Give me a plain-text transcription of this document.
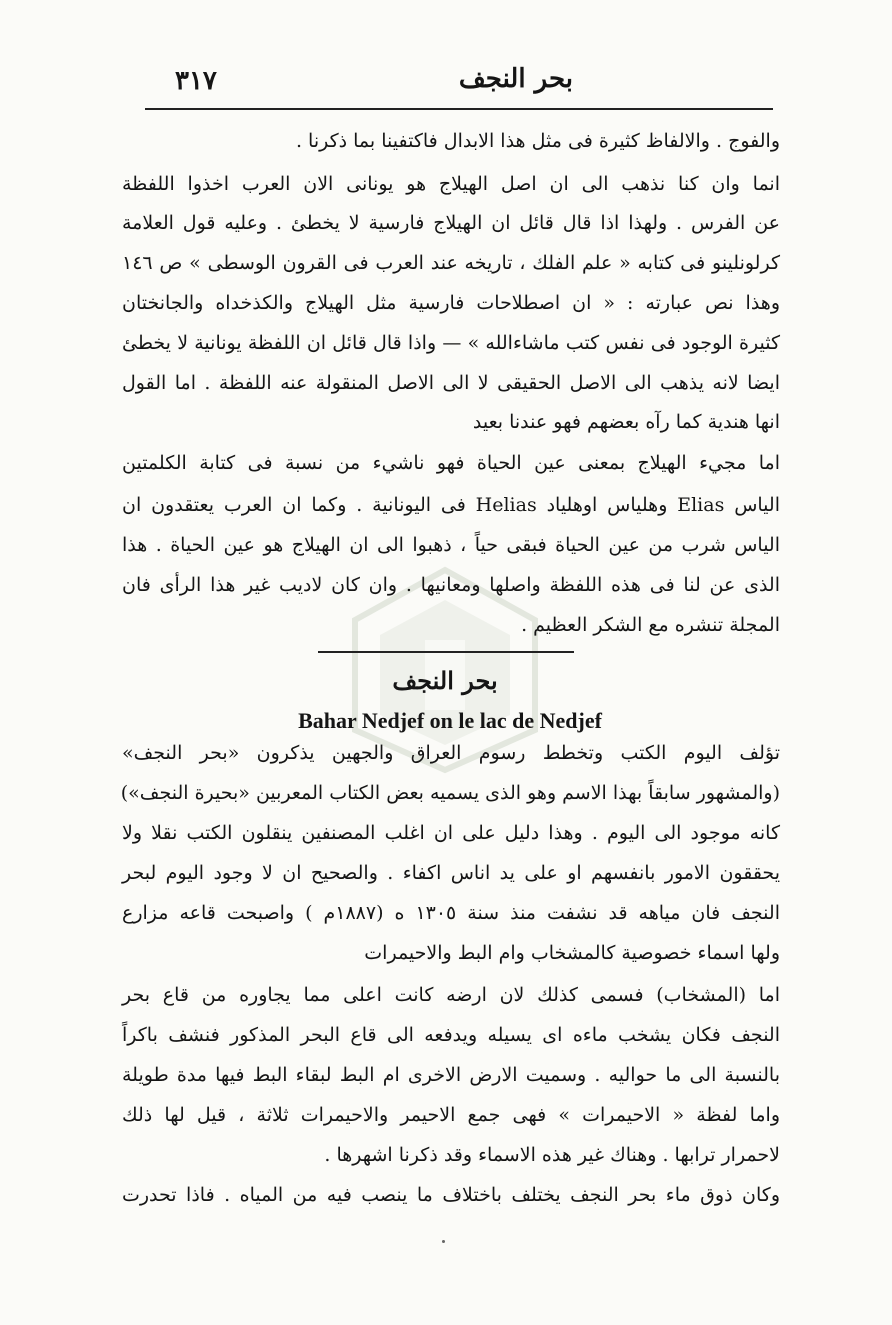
٣١٧	بحر النجف
والفوج . والالفاظ كثيرة فى مثل هذا الابدال فاكتفينا بما ذكرنا .
انما وان كنا نذهب الى ان اصل الهيلاج هو يونانى الان العرب اخذوا اللفظة
عن الفرس . ولهذا اذا قال قائل ان الهيلاج فارسية لا يخطئ . وعليه قول العلامة
كرلونلينو فى كتابه « علم الفلك ، تاريخه عند العرب فى القرون الوسطى » ص ١٤٦
وهذا نص عبارته : « ان اصطلاحات فارسية مثل الهيلاج والكذخداه والجانختان
كثيرة الوجود فى نفس كتب ماشاءالله » — واذا قال قائل ان اللفظة يونانية لا يخطئ
ايضا لانه يذهب الى الاصل الحقيقى لا الى الاصل المنقولة عنه اللفظة . اما القول
انها هندية كما رآه بعضهم فهو عندنا بعيد
اما مجيء الهيلاج بمعنى عين الحياة فهو ناشيء من نسبة فى كتابة الكلمتين
الياس Elias وهلياس اوهلياد Helias فى اليونانية . وكما ان العرب يعتقدون ان
الياس شرب من عين الحياة فبقى حياً ، ذهبوا الى ان الهيلاج هو عين الحياة . هذا
الذى عن لنا فى هذه اللفظة واصلها ومعانيها . وان كان لاديب غير هذا الرأى فان
المجلة تنشره مع الشكر العظيم .
بحر النجف
Bahar Nedjef on le lac de Nedjef
تؤلف اليوم الكتب وتخطط رسوم العراق والجهين يذكرون «بحر النجف»
(والمشهور سابقاً بهذا الاسم وهو الذى يسميه بعض الكتاب المعربين «بحيرة النجف»)
كانه موجود الى اليوم . وهذا دليل على ان اغلب المصنفين ينقلون الكتب نقلا ولا
يحققون الامور بانفسهم او على يد اناس اكفاء . والصحيح ان لا وجود اليوم لبحر
النجف فان مياهه قد نشفت منذ سنة ١٣٠٥ ه (١٨٨٧م ) واصبحت قاعه مزارع
ولها اسماء خصوصية كالمشخاب وام البط والاحيمرات
اما (المشخاب) فسمى كذلك لان ارضه كانت اعلى مما يجاوره من قاع بحر
النجف فكان يشخب ماءه اى يسيله ويدفعه الى قاع البحر المذكور فنشف باكراً
بالنسبة الى ما حواليه . وسميت الارض الاخرى ام البط لبقاء البط فيها مدة طويلة
واما لفظة « الاحيمرات » فهى جمع الاحيمر والاحيمرات ثلاثة ، قيل لها ذلك
لاحمرار ترابها . وهناك غير هذه الاسماء وقد ذكرنا اشهرها .
وكان ذوق ماء بحر النجف يختلف باختلاف ما ينصب فيه من المياه . فاذا تحدرت
